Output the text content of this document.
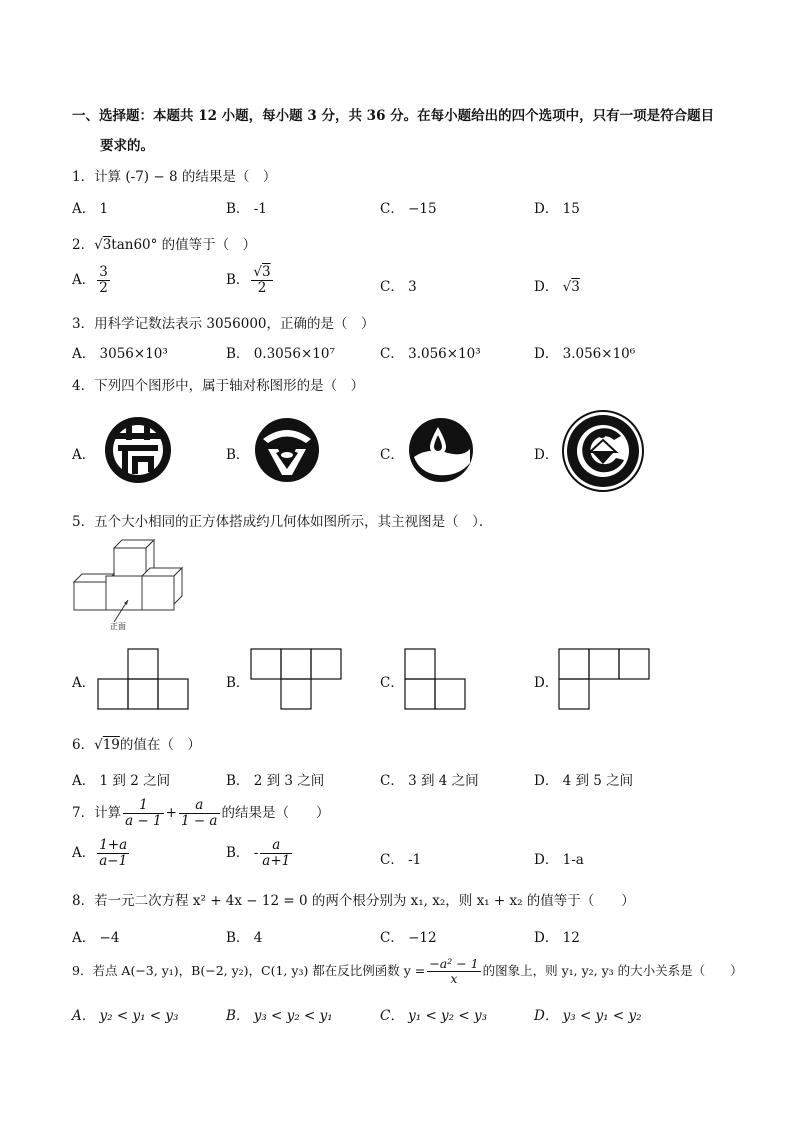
一、选择题：本题共 12 小题，每小题 3 分，共 36 分。在每小题给出的四个选项中，只有一项是符合题目
要求的。
1．计算 (-7) − 8 的结果是（　）
A． 1	B． -1	C． −15	D． 15
2．√3tan60° 的值等于（　）
A． $\frac{3}{2}$	B． $\frac{√3}{2}$	C． 3	D． √3
3．用科学记数法表示 3056000，正确的是（　）
A． 3056×10³	B． 0.3056×10⁷	C． 3.056×10³	D． 3.056×10⁶
4．下列四个图形中，属于轴对称图形的是（　）
A．	B．	C．	D．
5．五个大小相同的正方体搭成约几何体如图所示，其主视图是（　）．
正面
A．	B．	C．	D．
6．√19的值在（　）
A． 1 到 2 之间	B． 2 到 3 之间	C． 3 到 4 之间	D． 4 到 5 之间
7．计算 $\frac{1}{a - 1} + \frac{a}{1 - a}$ 的结果是（　　）
A． $\frac{1+a}{a-1}$	B． - $\frac{a}{a+1}$	C． -1	D． 1-a
8．若一元二次方程 x² + 4x − 12 = 0 的两个根分别为 x₁, x₂，则 x₁ + x₂ 的值等于（　　）
A． −4	B． 4	C． −12	D． 12
9．若点 A(−3, y₁)，B(−2, y₂)，C(1, y₃) 都在反比例函数 $y = \frac{\text{−a² − 1}}{x}$ 的图象上，则 y₁, y₂, y₃ 的大小关系是（　　）
A． y₂ < y₁ < y₃	B． y₃ < y₂ < y₁	C． y₁ < y₂ < y₃	D． y₃ < y₁ < y₂
